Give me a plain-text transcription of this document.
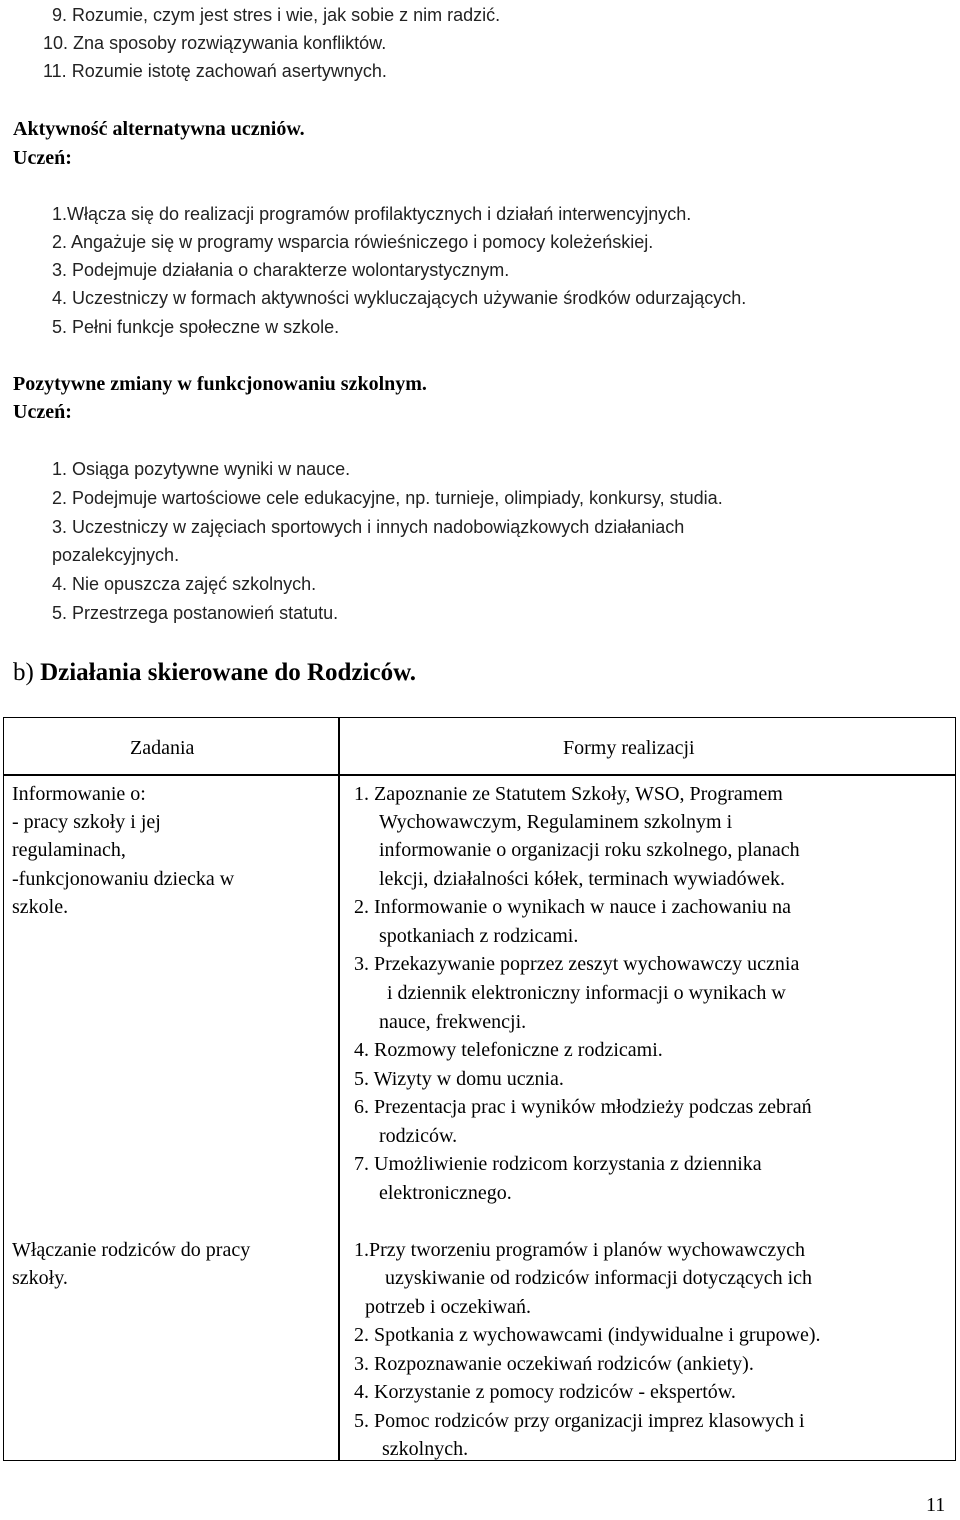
9. Rozumie, czym jest stres i wie, jak sobie z nim radzić.
10. Zna sposoby rozwiązywania konfliktów.
11. Rozumie istotę zachowań asertywnych.
Aktywność alternatywna uczniów.
Uczeń:
1.Włącza się do realizacji programów profilaktycznych i działań interwencyjnych.
2. Angażuje się w programy wsparcia rówieśniczego i pomocy koleżeńskiej.
3. Podejmuje działania o charakterze wolontarystycznym.
4. Uczestniczy w formach aktywności wykluczających używanie środków odurzających.
5. Pełni funkcje społeczne w szkole.
Pozytywne zmiany w funkcjonowaniu szkolnym.
Uczeń:
1. Osiąga pozytywne wyniki w nauce.
2. Podejmuje wartościowe cele edukacyjne, np. turnieje, olimpiady, konkursy, studia.
3. Uczestniczy w zajęciach sportowych i innych nadobowiązkowych działaniach
pozalekcyjnych.
4. Nie opuszcza zajęć szkolnych.
5. Przestrzega postanowień statutu.
b) Działania skierowane do Rodziców.
Zadania	Formy realizacji
Informowanie o:
- pracy szkoły i jej
regulaminach,
-funkcjonowaniu dziecka w
szkole.
1. Zapoznanie ze Statutem Szkoły, WSO, Programem
Wychowawczym, Regulaminem szkolnym i
informowanie o organizacji roku szkolnego, planach
lekcji, działalności kółek, terminach wywiadówek.
2. Informowanie o wynikach w nauce i zachowaniu na
spotkaniach z rodzicami.
3. Przekazywanie poprzez zeszyt wychowawczy ucznia
i dziennik elektroniczny informacji o wynikach w
nauce, frekwencji.
4. Rozmowy telefoniczne z rodzicami.
5. Wizyty w domu ucznia.
6. Prezentacja prac i wyników młodzieży podczas zebrań
rodziców.
7. Umożliwienie rodzicom korzystania z dziennika
elektronicznego.
Włączanie rodziców do pracy
szkoły.
1.Przy tworzeniu programów i planów wychowawczych
uzyskiwanie od rodziców informacji dotyczących ich
potrzeb i oczekiwań.
2. Spotkania z wychowawcami (indywidualne i grupowe).
3. Rozpoznawanie oczekiwań rodziców (ankiety).
4. Korzystanie z pomocy rodziców - ekspertów.
5. Pomoc rodziców przy organizacji imprez klasowych i
szkolnych.
11
